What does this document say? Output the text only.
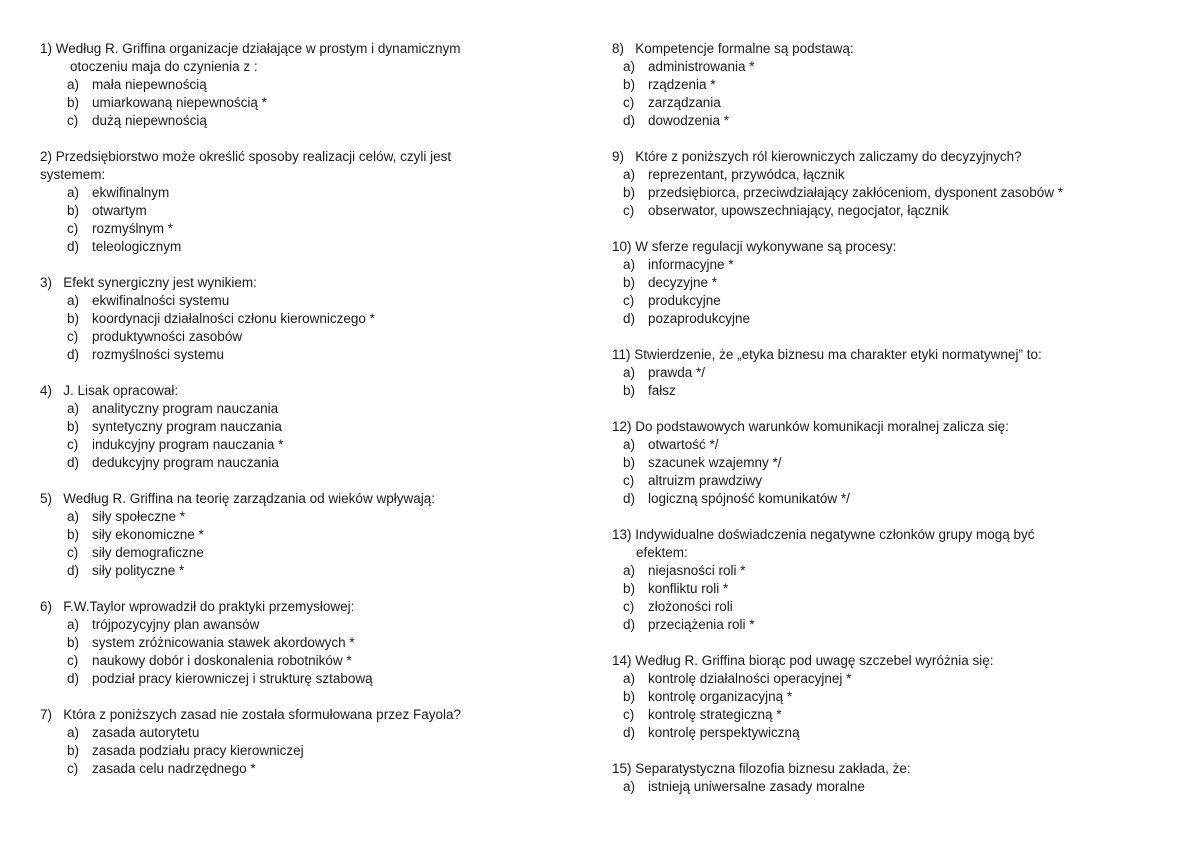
1)
Według R. Griffina organizacje działające w prostym i dynamicznym
otoczeniu maja do czynienia z :
a) mała niepewnością
b) umiarkowaną niepewnością *
c)	dużą niepewnością
2)
Przedsiębiorstwo może określić sposoby realizacji celów, czyli jest
systemem:
a) ekwifinalnym
b) otwartym
c)	rozmyślnym *
d) teleologicznym
3)
Efekt synergiczny jest wynikiem:
a) ekwifinalności systemu
b) koordynacji działalności członu kierowniczego *
c)	produktywności zasobów
d) rozmyślności systemu
4)
J. Lisak opracował:
a) analityczny program nauczania
b) syntetyczny program nauczania
c)	indukcyjny program nauczania *
d) dedukcyjny program nauczania
5)
Według R. Griffina na teorię zarządzania od wieków wpływają:
a) siły społeczne *
b) siły ekonomiczne *
c)	siły demograficzne
d) siły polityczne *
6)
F.W.Taylor wprowadził do praktyki przemysłowej:
a) trójpozycyjny plan awansów
b) system zróżnicowania stawek akordowych *
c)	naukowy dobór i doskonalenia robotników *
d) podział pracy kierowniczej i strukturę sztabową
7)
Która z poniższych zasad nie została sformułowana przez Fayola?
a) zasada autorytetu
b) zasada podziału pracy kierowniczej
c)	zasada celu nadrzędnego *
8)
Kompetencje formalne są podstawą:
a) administrowania *
b) rządzenia *
c)	zarządzania
d) dowodzenia *
9)
Które z poniższych ról kierowniczych zaliczamy do decyzyjnych?
a) reprezentant, przywódca, łącznik
b) przedsiębiorca, przeciwdziałający zakłóceniom, dysponent zasobów *
c)	obserwator, upowszechniający, negocjator, łącznik
10)
W sferze regulacji wykonywane są procesy:
a) informacyjne *
b) decyzyjne *
c)	produkcyjne
d) pozaprodukcyjne
11)
Stwierdzenie, że „etyka biznesu ma charakter etyki normatywnej” to:
a) prawda */
b) fałsz
12)
Do podstawowych warunków komunikacji moralnej zalicza się:
a) otwartość */
b) szacunek wzajemny */
c)	altruizm prawdziwy
d) logiczną spójność komunikatów */
13)
Indywidualne doświadczenia negatywne członków grupy mogą być
efektem:
a) niejasności roli *
b) konfliktu roli *
c)	złożoności roli
d) przeciążenia roli *
14)
Według R. Griffina biorąc pod uwagę szczebel wyróżnia się:
a) kontrolę działalności operacyjnej *
b) kontrolę organizacyjną *
c)	kontrolę strategiczną *
d) kontrolę perspektywiczną
15)
Separatystyczna filozofia biznesu zakłada, że:
a) istnieją uniwersalne zasady moralne
